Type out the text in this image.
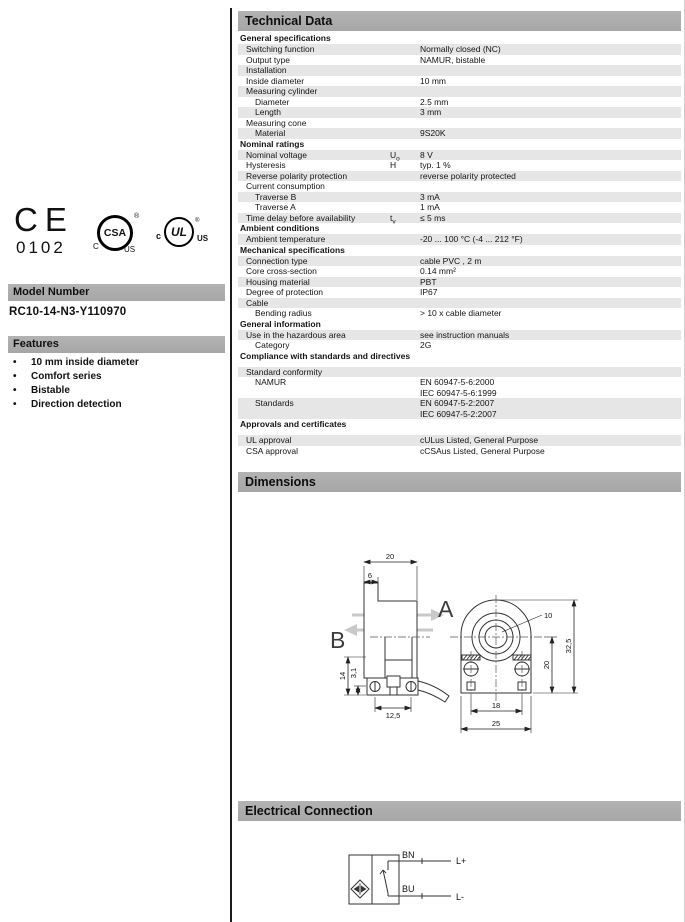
CE
0102
CSA
®
C	US
UL
c	US
®
Model Number
RC10-14-N3-Y110970
Features
•	10 mm inside diameter
•	Comfort series
•	Bistable
•	Direction detection
Technical Data
General specifications
Switching function	Normally closed (NC)
Output type	NAMUR, bistable
Installation
Inside diameter	10 mm
Measuring cylinder
Diameter	2.5 mm
Length	3 mm
Measuring cone
Material	9S20K
Nominal ratings
Nominal voltage	$U_o$	8 V
Hysteresis	H	typ. 1 %
Reverse polarity protection	reverse polarity protected
Current consumption
Traverse B	3 mA
Traverse A	1 mA
Time delay before availability	$t_v$	≤ 5 ms
Ambient conditions
Ambient temperature	-20 ... 100 °C (-4 ... 212 °F)
Mechanical specifications
Connection type	cable PVC , 2 m
Core cross-section	0.14 mm²
Housing material	PBT
Degree of protection	IP67
Cable
Bending radius	> 10 x cable diameter
General information
Use in the hazardous area	see instruction manuals
Category	2G
Compliance with standards and directives
Standard conformity
NAMUR	EN 60947-5-6:2000
IEC 60947-5-6:1999
Standards	EN 60947-5-2:2007
IEC 60947-5-2:2007
Approvals and certificates
UL approval	cULus Listed, General Purpose
CSA approval	cCSAus Listed, General Purpose
Dimensions
A
B
20
6
14 3,1
12,5
10
20
32,5
18
25
Electrical Connection
BN
BU
L+
L-
